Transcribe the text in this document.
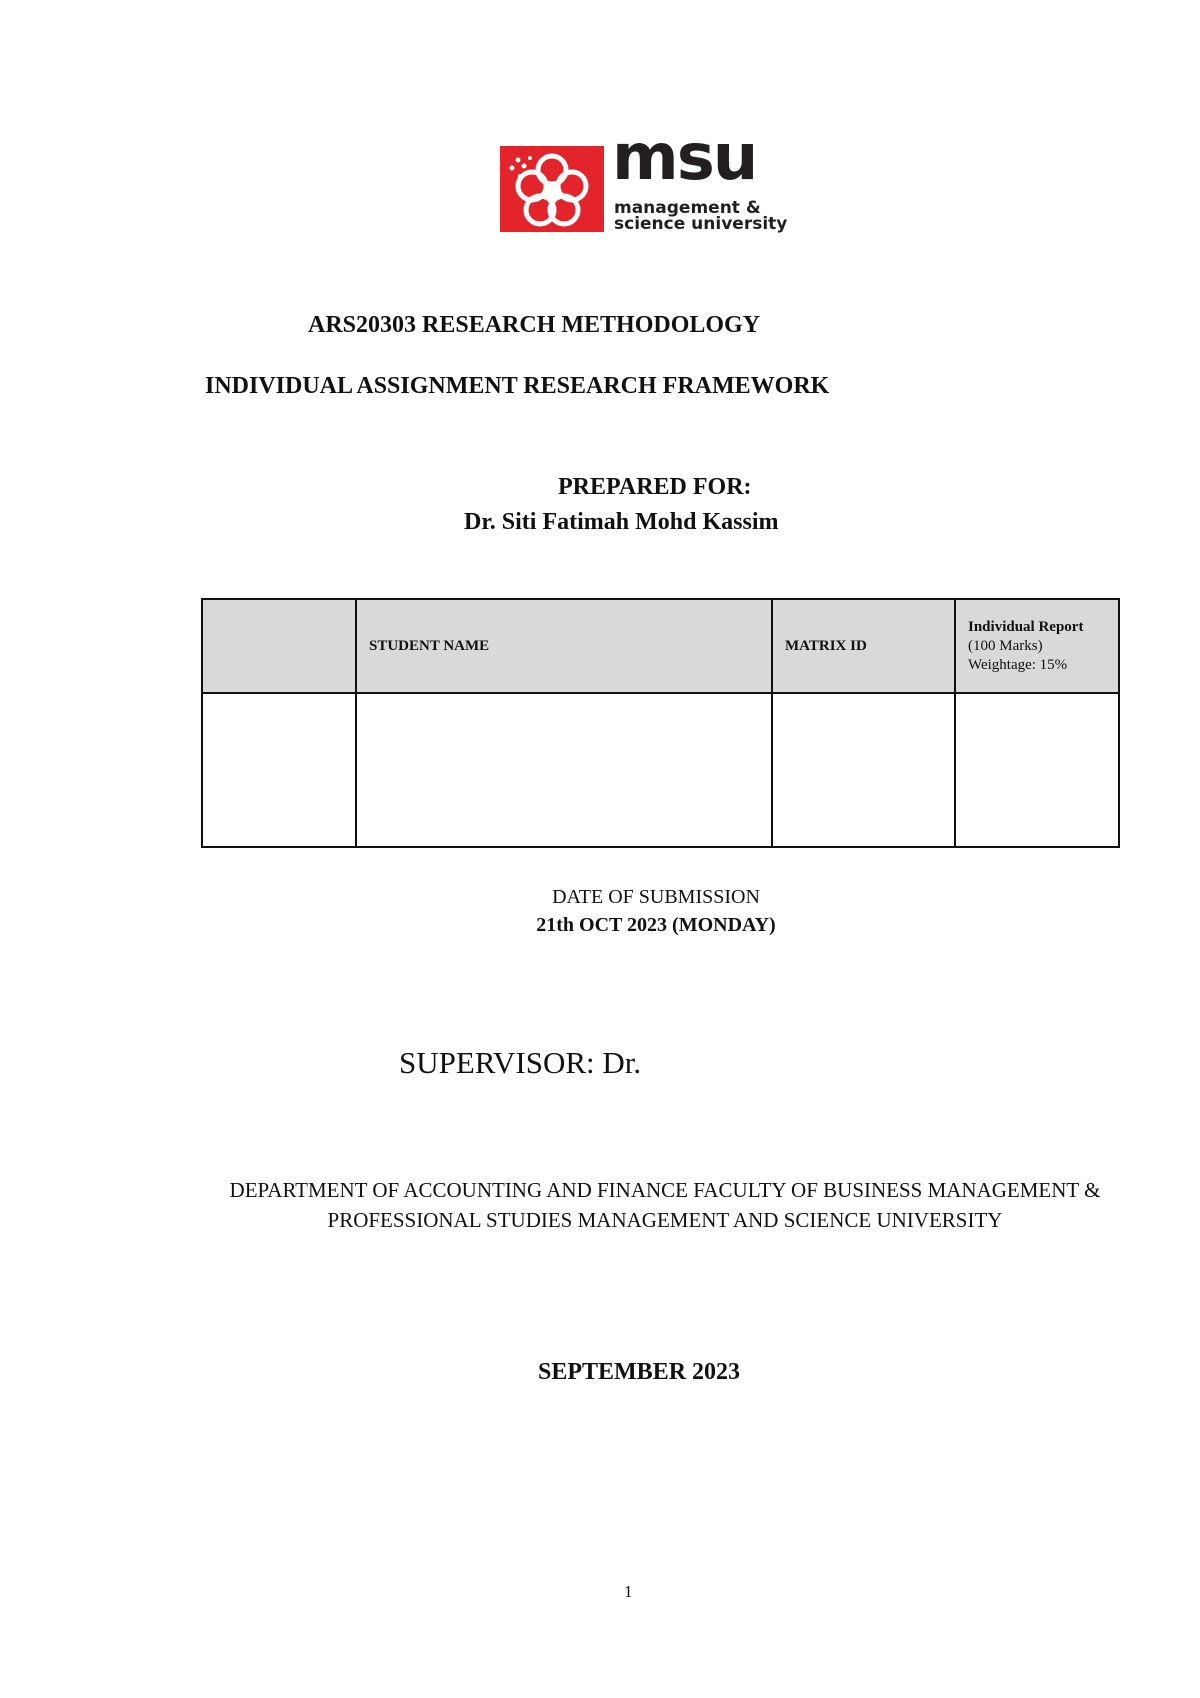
msu
management &
science university
ARS20303 RESEARCH METHODOLOGY
INDIVIDUAL ASSIGNMENT RESEARCH FRAMEWORK
PREPARED FOR:
Dr. Siti Fatimah Mohd Kassim
	STUDENT NAME	MATRIX ID	Individual Report
(100 Marks)
Weightage: 15%

DATE OF SUBMISSION
21th OCT 2023 (MONDAY)
SUPERVISOR: Dr.
DEPARTMENT OF ACCOUNTING AND FINANCE FACULTY OF BUSINESS MANAGEMENT & PROFESSIONAL STUDIES MANAGEMENT AND SCIENCE UNIVERSITY
SEPTEMBER 2023
1
